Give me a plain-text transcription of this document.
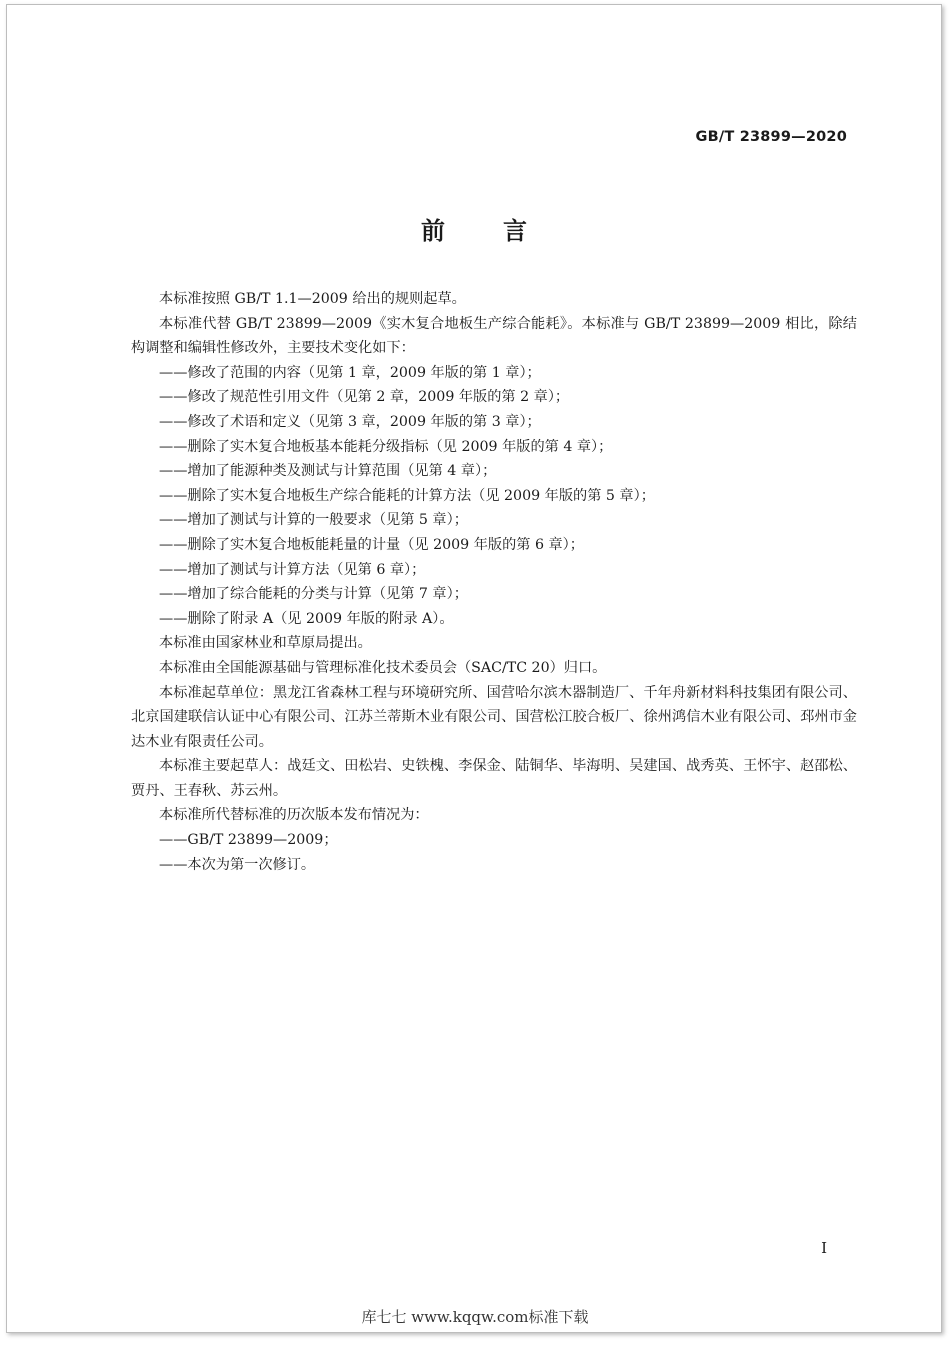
GB/T 23899—2020
前言

本标准按照 GB/T 1.1—2009 给出的规则起草。

本标准代替 GB/T 23899—2009《实木复合地板生产综合能耗》。本标准与 GB/T 23899—2009 相比，除结构调整和编辑性修改外，主要技术变化如下：

——修改了范围的内容（见第 1 章，2009 年版的第 1 章）；

——修改了规范性引用文件（见第 2 章，2009 年版的第 2 章）；

——修改了术语和定义（见第 3 章，2009 年版的第 3 章）；

——删除了实木复合地板基本能耗分级指标（见 2009 年版的第 4 章）；

——增加了能源种类及测试与计算范围（见第 4 章）；

——删除了实木复合地板生产综合能耗的计算方法（见 2009 年版的第 5 章）；

——增加了测试与计算的一般要求（见第 5 章）；

——删除了实木复合地板能耗量的计量（见 2009 年版的第 6 章）；

——增加了测试与计算方法（见第 6 章）；

——增加了综合能耗的分类与计算（见第 7 章）；

——删除了附录 A（见 2009 年版的附录 A）。

本标准由国家林业和草原局提出。

本标准由全国能源基础与管理标准化技术委员会（SAC/TC 20）归口。

本标准起草单位：黑龙江省森林工程与环境研究所、国营哈尔滨木器制造厂、千年舟新材料科技集团有限公司、北京国建联信认证中心有限公司、江苏兰蒂斯木业有限公司、国营松江胶合板厂、徐州鸿信木业有限公司、邳州市金达木业有限责任公司。

本标准主要起草人：战廷文、田松岩、史铁槐、李保金、陆铜华、毕海明、吴建国、战秀英、王怀宇、赵邵松、贾丹、王春秋、苏云州。

本标准所代替标准的历次版本发布情况为：

——GB/T 23899—2009；

——本次为第一次修订。

I
库七七 www.kqqw.com标准下载
